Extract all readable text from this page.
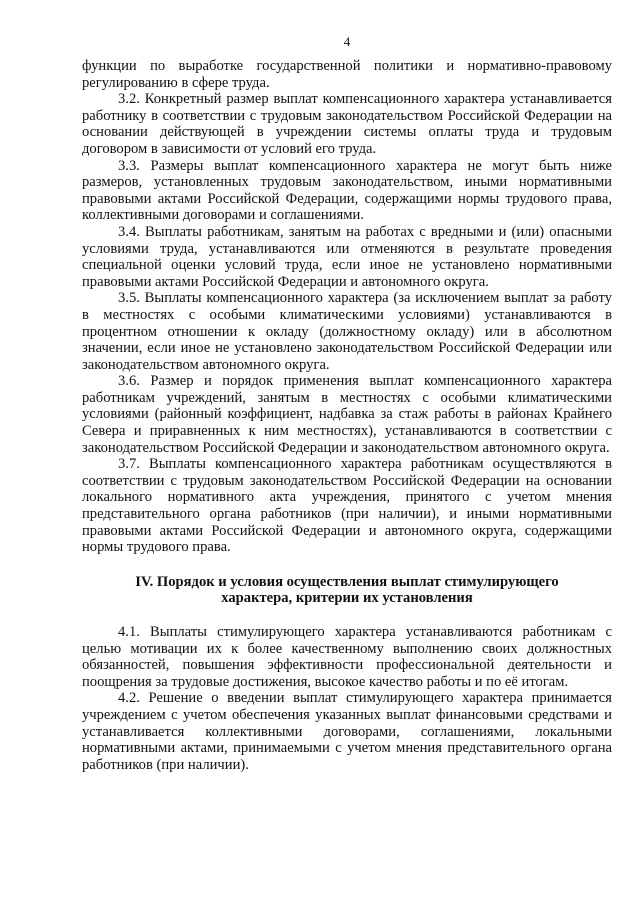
4

функции по выработке государственной политики и нормативно-правовому регулированию в сфере труда.

3.2. Конкретный размер выплат компенсационного характера устанавливается работнику в соответствии с трудовым законодательством Российской Федерации на основании действующей в учреждении системы оплаты труда и трудовым договором в зависимости от условий его труда.

3.3. Размеры выплат компенсационного характера не могут быть ниже размеров, установленных трудовым законодательством, иными нормативными правовыми актами Российской Федерации, содержащими нормы трудового права, коллективными договорами и соглашениями.

3.4. Выплаты работникам, занятым на работах с вредными и (или) опасными условиями труда, устанавливаются или отменяются в результате проведения специальной оценки условий труда, если иное не установлено нормативными правовыми актами Российской Федерации и автономного округа.

3.5. Выплаты компенсационного характера (за исключением выплат за работу в местностях с особыми климатическими условиями) устанавливаются в процентном отношении к окладу (должностному окладу) или в абсолютном значении, если иное не установлено законодательством Российской Федерации или законодательством автономного округа.

3.6. Размер и порядок применения выплат компенсационного характера работникам учреждений, занятым в местностях с особыми климатическими условиями (районный коэффициент, надбавка за стаж работы в районах Крайнего Севера и приравненных к ним местностях), устанавливаются в соответствии с законодательством Российской Федерации и законодательством автономного округа.

3.7. Выплаты компенсационного характера работникам осуществляются в соответствии с трудовым законодательством Российской Федерации на основании локального нормативного акта учреждения, принятого с учетом мнения представительного органа работников (при наличии), и иными нормативными правовыми актами Российской Федерации и автономного округа, содержащими нормы трудового права.

IV. Порядок и условия осуществления выплат стимулирующего
характера, критерии их установления

4.1. Выплаты стимулирующего характера устанавливаются работникам с целью мотивации их к более качественному выполнению своих должностных обязанностей, повышения эффективности профессиональной деятельности и поощрения за трудовые достижения, высокое качество работы и по её итогам.

4.2. Решение о введении выплат стимулирующего характера принимается учреждением с учетом обеспечения указанных выплат финансовыми средствами и устанавливается коллективными договорами, соглашениями, локальными нормативными актами, принимаемыми с учетом мнения представительного органа работников (при наличии).
